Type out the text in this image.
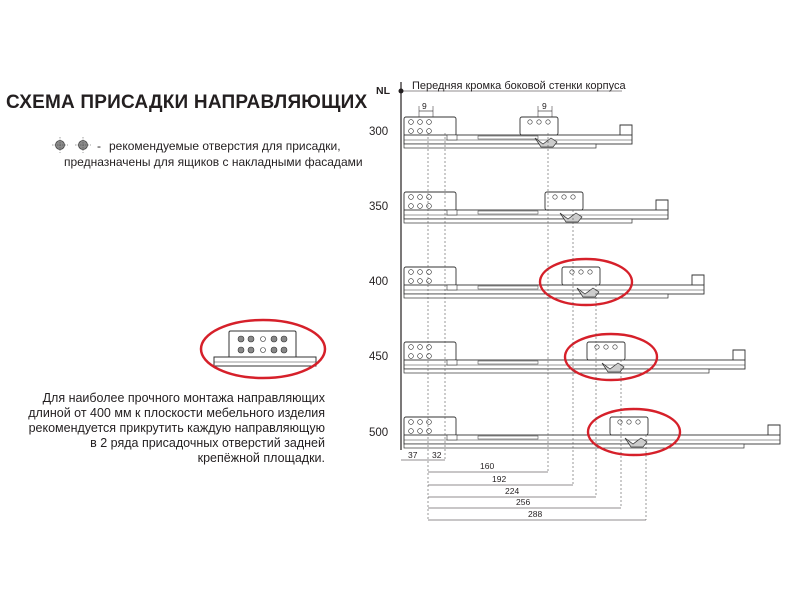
СХЕМА ПРИСАДКИ НАПРАВЛЯЮЩИХ
- рекомендуемые отверстия для присадки,
предназначены для ящиков с накладными фасадами
Для наиболее прочного монтажа направляющих
длиной от 400 мм к плоскости мебельного изделия
рекомендуется прикрутить каждую направляющую
в 2 ряда присадочных отверстий задней
крепёжной площадки.
NL Передняя кромка боковой стенки корпуса
300
350
400
450
500
9	9
37 32
160
192
224
256
288
